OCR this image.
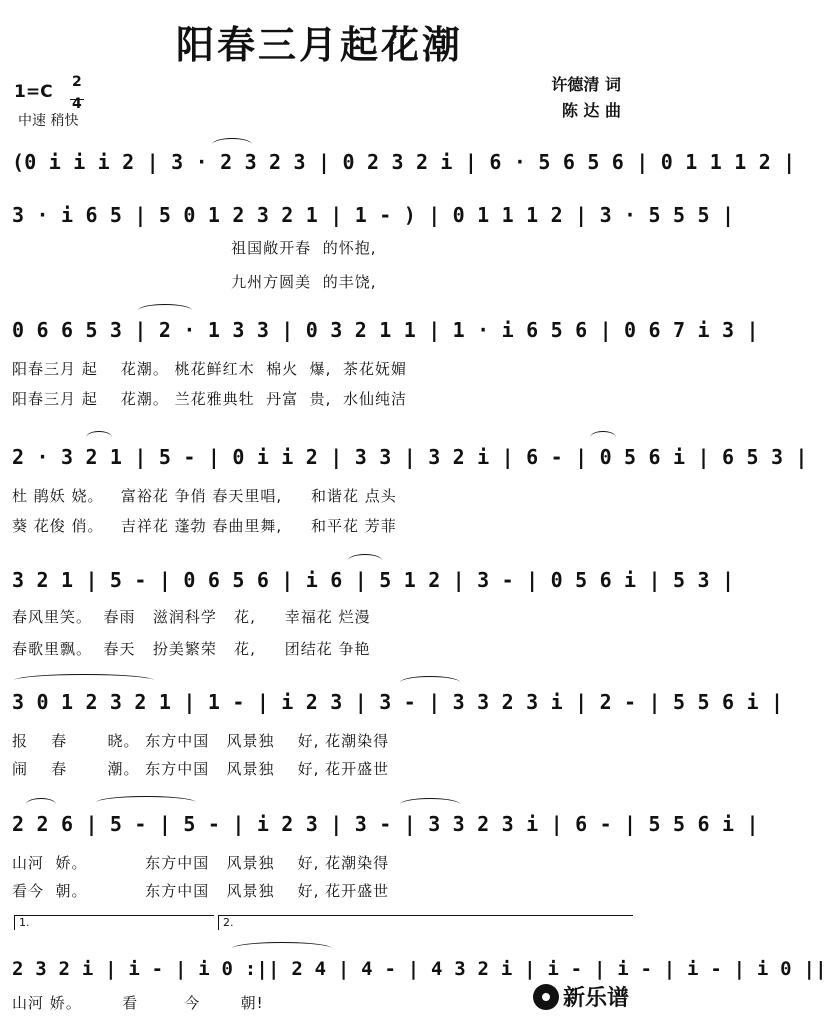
阳春三月起花潮
1=C 2
4
中速 稍快
许德清 词
陈 达 曲
(0 i i i 2 | 3 · 2 3 2 3 | 0 2 3 2 i | 6 · 5 6 5 6 | 0 1 1 1 2 |
3 · i 6 5 | 5 0 1 2 3 2 1 | 1 - ) | 0 1 1 1 2 | 3 · 5 5 5 |
祖国敞开春  的怀抱,
九州方圆美  的丰饶,
0 6 6 5 3 | 2 · 1 3 3 | 0 3 2 1 1 | 1 · i 6 5 6 | 0 6 7 i 3 |
阳春三月 起    花潮。 桃花鲜红木  棉火  爆,  茶花妩媚
阳春三月 起    花潮。 兰花雅典牡  丹富  贵,  水仙纯洁
2 · 3 2 1 | 5 - | 0 i i 2 | 3 3 | 3 2 i | 6 - | 0 5 6 i | 6 5 3 |
杜 鹃妖 娆。   富裕花 争俏 春天里唱,     和谐花 点头
葵 花俊 俏。   吉祥花 蓬勃 春曲里舞,     和平花 芳菲
3 2 1 | 5 - | 0 6 5 6 | i 6 | 5 1 2 | 3 - | 0 5 6 i | 5 3 |
春风里笑。  春雨   滋润科学   花,     幸福花 烂漫
春歌里飘。  春天   扮美繁荣   花,     团结花 争艳
3 0 1 2 3 2 1 | 1 - | i 2 3 | 3 - | 3 3 2 3 i | 2 - | 5 5 6 i |
报    春       晓。 东方中国   风景独    好, 花潮染得
闹    春       潮。 东方中国   风景独    好, 花开盛世
2 2 6 | 5 - | 5 - | i 2 3 | 3 - | 3 3 2 3 i | 6 - | 5 5 6 i |
山河  娇。          东方中国   风景独    好, 花潮染得
看今  朝。          东方中国   风景独    好, 花开盛世
1.	2.
2 3 2 i | i - | i 0 :|| 2 4 | 4 - | 4 3 2 i | i - | i - | i - | i 0 ||
山河 娇。       看        今       朝!	新乐谱
